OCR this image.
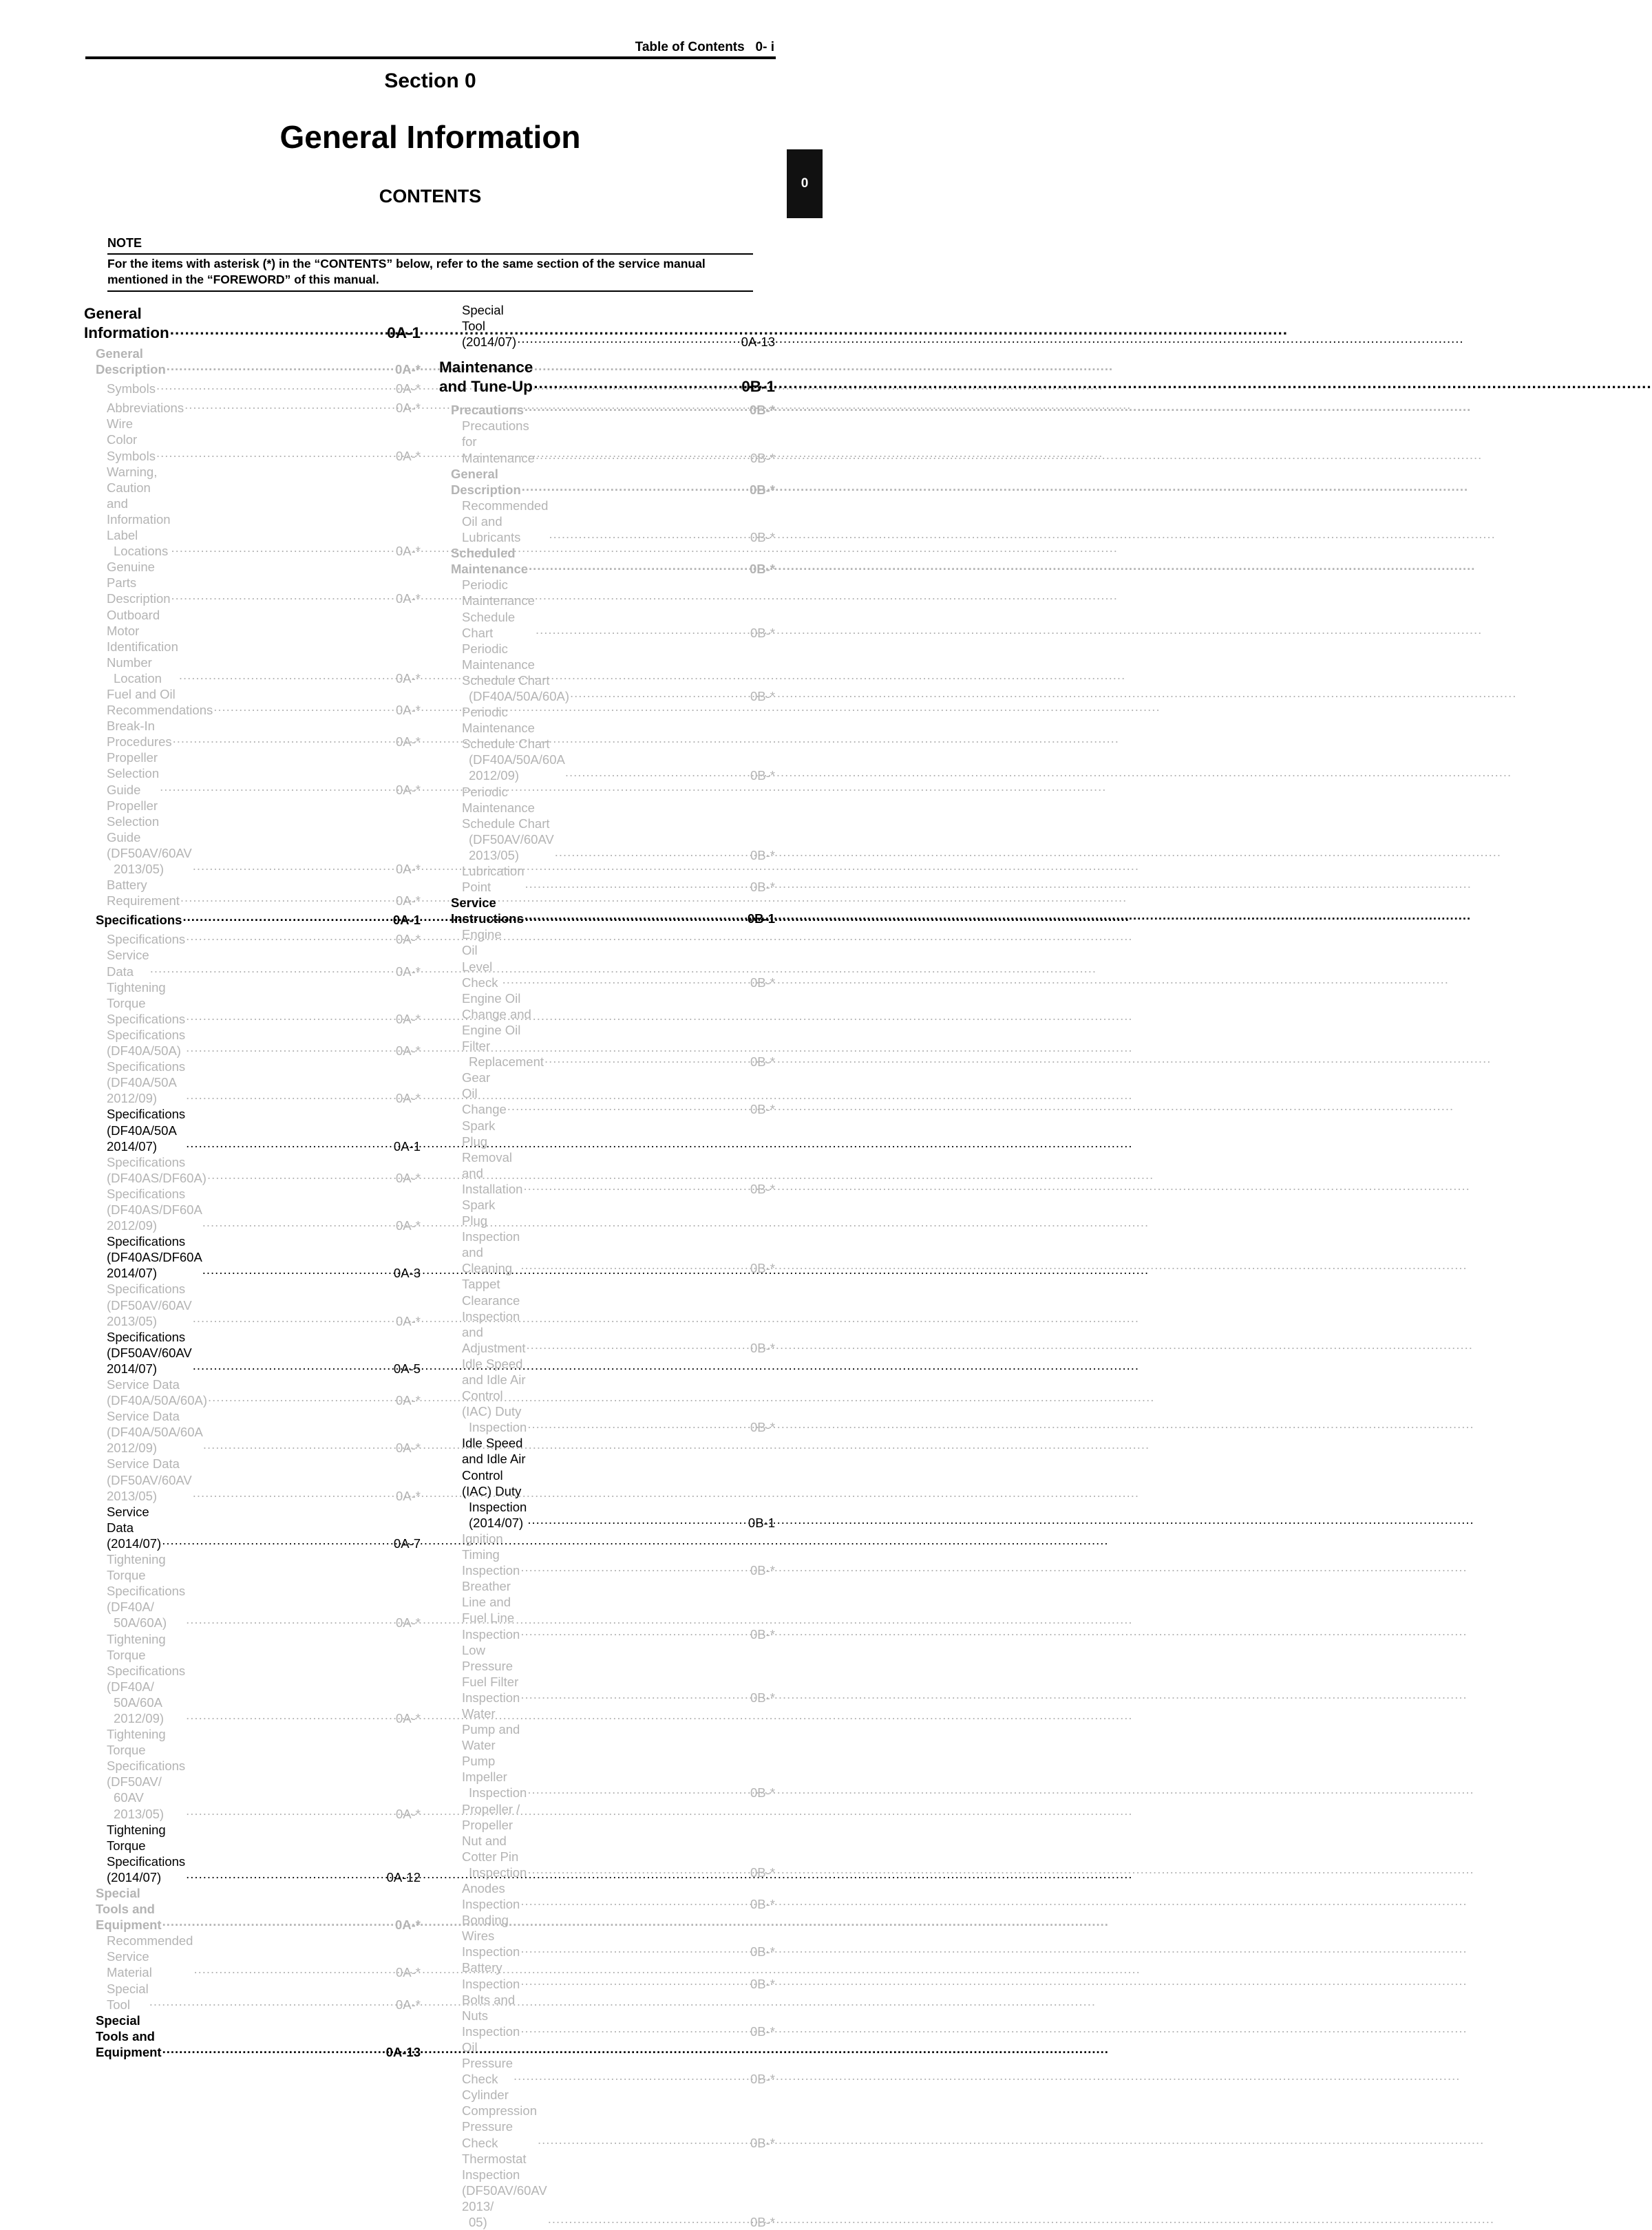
Table of Contents   0- i
0
Section 0
General Information
CONTENTS
NOTE
For the items with asterisk (*) in the “CONTENTS” below, refer to the same section of the service manual mentioned in the “FOREWORD” of this manual.
General Information .....	0A-1
General Description .....	0A-*
Symbols .....	0A-*
Abbreviations .....	0A-*
Wire Color Symbols .....	0A-*
Warning, Caution and Information Label
Locations .....	0A-*
Genuine Parts Description .....	0A-*
Outboard Motor Identification Number
Location .....	0A-*
Fuel and Oil Recommendations .....	0A-*
Break-In Procedures .....	0A-*
Propeller Selection Guide .....	0A-*
Propeller Selection Guide (DF50AV/60AV
2013/05) .....	0A-*
Battery Requirement .....	0A-*
Specifications .....	0A-1
Specifications .....	0A-*
Service Data .....	0A-*
Tightening Torque Specifications .....	0A-*
Specifications (DF40A/50A) .....	0A-*
Specifications (DF40A/50A 2012/09) .....	0A-*
Specifications (DF40A/50A 2014/07) .....	0A-1
Specifications (DF40AS/DF60A) .....	0A-*
Specifications (DF40AS/DF60A 2012/09) .....	0A-*
Specifications (DF40AS/DF60A 2014/07) .....	0A-3
Specifications (DF50AV/60AV 2013/05) .....	0A-*
Specifications (DF50AV/60AV 2014/07) .....	0A-5
Service Data (DF40A/50A/60A) .....	0A-*
Service Data (DF40A/50A/60A 2012/09) .....	0A-*
Service Data (DF50AV/60AV 2013/05) .....	0A-*
Service Data (2014/07) .....	0A-7
Tightening Torque Specifications (DF40A/
50A/60A) .....	0A-*
Tightening Torque Specifications (DF40A/
50A/60A 2012/09) .....	0A-*
Tightening Torque Specifications (DF50AV/
60AV 2013/05) .....	0A-*
Tightening Torque Specifications (2014/07) .....	0A-12
Special Tools and Equipment .....	0A-*
Recommended Service Material .....	0A-*
Special Tool .....	0A-*
Special Tools and Equipment .....	0A-13
Special Tool (2014/07) .....	0A-13
Maintenance and Tune-Up .....	0B-1
Precautions .....	0B-*
Precautions for Maintenance .....	0B-*
General Description .....	0B-*
Recommended Oil and Lubricants .....	0B-*
Scheduled Maintenance .....	0B-*
Periodic Maintenance Schedule Chart .....	0B-*
Periodic Maintenance Schedule Chart
(DF40A/50A/60A) .....	0B-*
Periodic Maintenance Schedule Chart
(DF40A/50A/60A 2012/09) .....	0B-*
Periodic Maintenance Schedule Chart
(DF50AV/60AV 2013/05) .....	0B-*
Lubrication Point .....	0B-*
Service Instructions .....	0B-1
Engine Oil Level Check .....	0B-*
Engine Oil Change and Engine Oil Filter
Replacement .....	0B-*
Gear Oil Change .....	0B-*
Spark Plug Removal and Installation .....	0B-*
Spark Plug Inspection and Cleaning .....	0B-*
Tappet Clearance Inspection and Adjustment .....	0B-*
Idle Speed and Idle Air Control (IAC) Duty
Inspection .....	0B-*
Idle Speed and Idle Air Control (IAC) Duty
Inspection (2014/07) .....	0B-1
Ignition Timing Inspection .....	0B-*
Breather Line and Fuel Line Inspection .....	0B-*
Low Pressure Fuel Filter Inspection .....	0B-*
Water Pump and Water Pump Impeller
Inspection .....	0B-*
Propeller / Propeller Nut and Cotter Pin
Inspection .....	0B-*
Anodes Inspection .....	0B-*
Bonding Wires Inspection .....	0B-*
Battery Inspection .....	0B-*
Bolts and Nuts Inspection .....	0B-*
Oil Pressure Check .....	0B-*
Cylinder Compression Pressure Check .....	0B-*
Thermostat Inspection (DF50AV/60AV 2013/
05) .....	0B-*
